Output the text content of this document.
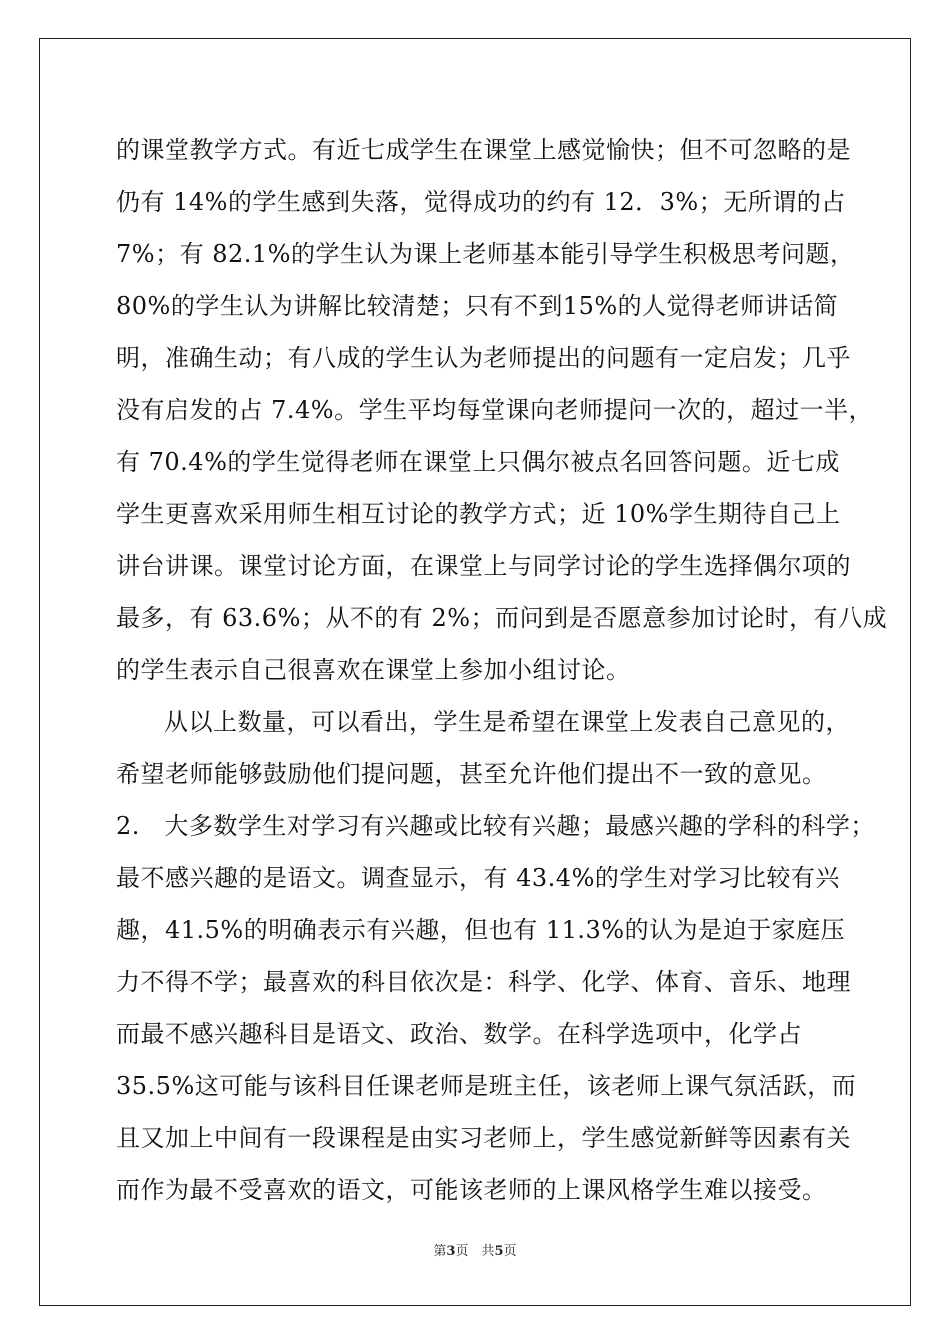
的课堂教学方式。有近七成学生在课堂上感觉愉快；但不可忽略的是
仍有 14%的学生感到失落，觉得成功的约有 12．3%；无所谓的占
7%；有 82.1%的学生认为课上老师基本能引导学生积极思考问题，
80%的学生认为讲解比较清楚；只有不到15%的人觉得老师讲话简
明，准确生动；有八成的学生认为老师提出的问题有一定启发；几乎
没有启发的占 7.4%。学生平均每堂课向老师提问一次的，超过一半，
有 70.4%的学生觉得老师在课堂上只偶尔被点名回答问题。近七成
学生更喜欢采用师生相互讨论的教学方式；近 10%学生期待自己上
讲台讲课。课堂讨论方面，在课堂上与同学讨论的学生选择偶尔项的
最多，有 63.6%；从不的有 2%；而问到是否愿意参加讨论时，有八成
的学生表示自己很喜欢在课堂上参加小组讨论。
从以上数量，可以看出，学生是希望在课堂上发表自己意见的，
希望老师能够鼓励他们提问题，甚至允许他们提出不一致的意见。
2.　大多数学生对学习有兴趣或比较有兴趣；最感兴趣的学科的科学；
最不感兴趣的是语文。调查显示，有 43.4%的学生对学习比较有兴
趣，41.5%的明确表示有兴趣，但也有 11.3%的认为是迫于家庭压
力不得不学；最喜欢的科目依次是：科学、化学、体育、音乐、地理
而最不感兴趣科目是语文、政治、数学。在科学选项中，化学占
35.5%这可能与该科目任课老师是班主任，该老师上课气氛活跃，而
且又加上中间有一段课程是由实习老师上，学生感觉新鲜等因素有关
而作为最不受喜欢的语文，可能该老师的上课风格学生难以接受。
第3页　 共5页
